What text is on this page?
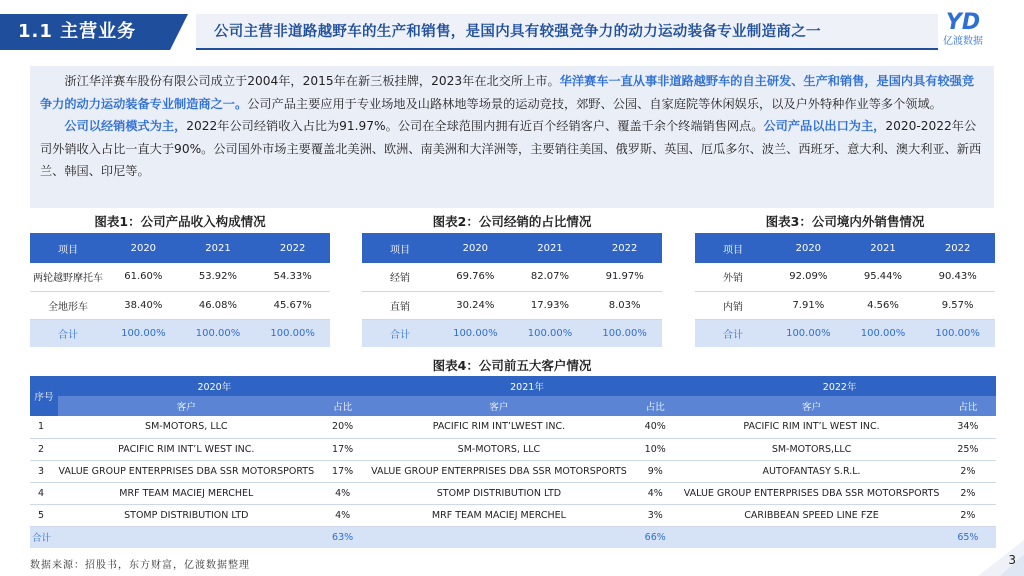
1.1 主营业务	公司主营非道路越野车的生产和销售，是国内具有较强竞争力的动力运动装备专业制造商之一	YD
亿渡数据

浙江华洋赛车股份有限公司成立于2004年，2015年在新三板挂牌，2023年在北交所上市。华洋赛车一直从事非道路越野车的自主研发、生产和销售，是国内具有较强竞争力的动力运动装备专业制造商之一。公司产品主要应用于专业场地及山路林地等场景的运动竞技，郊野、公园、自家庭院等休闲娱乐，以及户外特种作业等多个领域。

公司以经销模式为主，2022年公司经销收入占比为91.97%。公司在全球范围内拥有近百个经销客户、覆盖千余个终端销售网点。公司产品以出口为主，2020-2022年公司外销收入占比一直大于90%。公司国外市场主要覆盖北美洲、欧洲、南美洲和大洋洲等，主要销往美国、俄罗斯、英国、厄瓜多尔、波兰、西班牙、意大利、澳大利亚、新西兰、韩国、印尼等。

图表1：公司产品收入构成情况	图表2：公司经销的占比情况	图表3：公司境内外销售情况
项目	2020	2021	2022
两轮越野摩托车	61.60%	53.92%	54.33%
全地形车	38.40%	46.08%	45.67%
合计	100.00%	100.00%	100.00%
项目	2020	2021	2022
经销	69.76%	82.07%	91.97%
直销	30.24%	17.93%	8.03%
合计	100.00%	100.00%	100.00%
项目	2020	2021	2022
外销	92.09%	95.44%	90.43%
内销	7.91%	4.56%	9.57%
合计	100.00%	100.00%	100.00%
图表4：公司前五大客户情况
序号	2020年		2021年		2022年	
	客户	占比	客户	占比	客户	占比
1	SM-MOTORS, LLC	20%	PACIFIC RIM INT’LWEST INC.	40%	PACIFIC RIM INT’L WEST INC.	34%
2	PACIFIC RIM INT’L WEST INC.	17%	SM-MOTORS, LLC	10%	SM-MOTORS,LLC	25%
3	VALUE GROUP ENTERPRISES DBA SSR MOTORSPORTS	17%	VALUE GROUP ENTERPRISES DBA SSR MOTORSPORTS	9%	AUTOFANTASY S.R.L.	2%
4	MRF TEAM MACIEJ MERCHEL	4%	STOMP DISTRIBUTION LTD	4%	VALUE GROUP ENTERPRISES DBA SSR MOTORSPORTS	2%
5	STOMP DISTRIBUTION LTD	4%	MRF TEAM MACIEJ MERCHEL	3%	CARIBBEAN SPEED LINE FZE	2%
合计		63%		66%		65%
数据来源：招股书，东方财富，亿渡数据整理	3
